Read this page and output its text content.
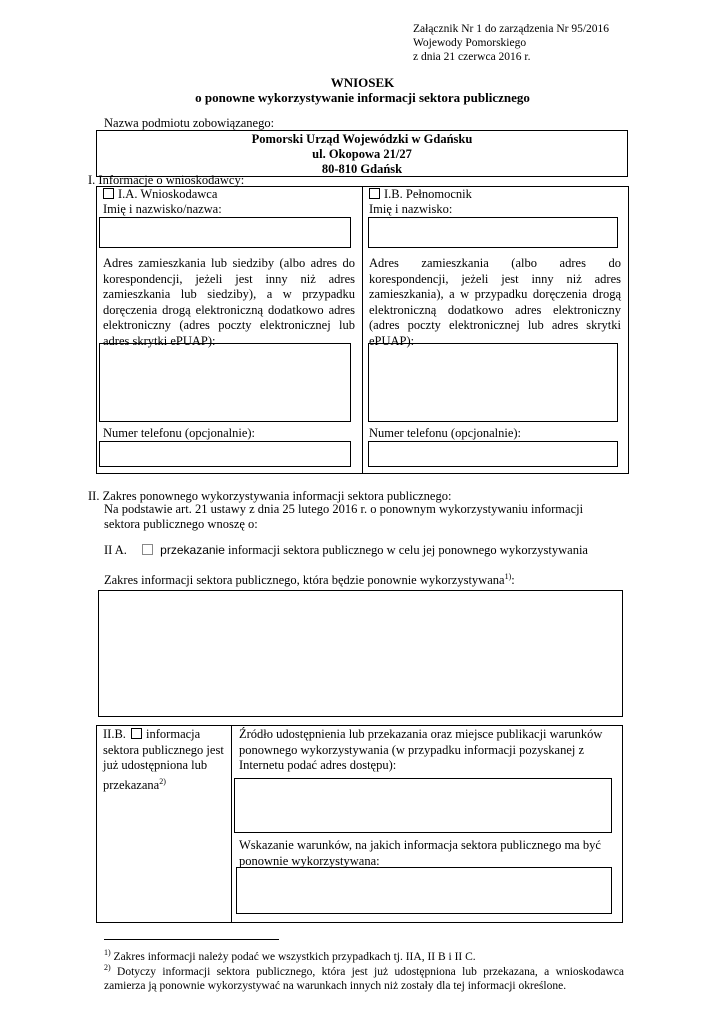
Załącznik Nr 1 do zarządzenia Nr 95/2016
Wojewody Pomorskiego
z dnia 21 czerwca 2016 r.
WNIOSEK
o ponowne wykorzystywanie informacji sektora publicznego
Nazwa podmiotu zobowiązanego:
Pomorski Urząd Wojewódzki w Gdańsku
ul. Okopowa 21/27
80-810 Gdańsk
I. Informacje o wnioskodawcy:
I.A. Wnioskodawca
Imię i nazwisko/nazwa:
Adres zamieszkania lub siedziby (albo adres do korespondencji, jeżeli jest inny niż adres zamieszkania lub siedziby), a w przypadku doręczenia drogą elektroniczną dodatkowo adres elektroniczny (adres poczty elektronicznej lub adres skrytki ePUAP):
Numer telefonu (opcjonalnie):
I.B. Pełnomocnik
Imię i nazwisko:
Adres zamieszkania (albo adres do korespondencji, jeżeli jest inny niż adres zamieszkania), a w przypadku doręczenia drogą elektroniczną dodatkowo adres elektroniczny (adres poczty elektronicznej lub adres skrytki ePUAP):
Numer telefonu (opcjonalnie):
II. Zakres ponownego wykorzystywania informacji sektora publicznego:
Na podstawie art. 21 ustawy z dnia 25 lutego 2016 r. o ponownym wykorzystywaniu informacji sektora publicznego wnoszę o:
II A.	przekazanie informacji sektora publicznego w celu jej ponownego wykorzystywania
Zakres informacji sektora publicznego, która będzie ponownie wykorzystywana$^{1)}$:
II.B. informacja sektora publicznego jest już udostępniona lub przekazana$^{2)}$
Źródło udostępnienia lub przekazania oraz miejsce publikacji warunków ponownego wykorzystywania (w przypadku informacji pozyskanej z Internetu podać adres dostępu):
Wskazanie warunków, na jakich informacja sektora publicznego ma być ponownie wykorzystywana:
$^{1)}$ Zakres informacji należy podać we wszystkich przypadkach tj. IIA, II B i II C.
$^{2)}$ Dotyczy informacji sektora publicznego, która jest już udostępniona lub przekazana, a wnioskodawca zamierza ją ponownie wykorzystywać na warunkach innych niż zostały dla tej informacji określone.
